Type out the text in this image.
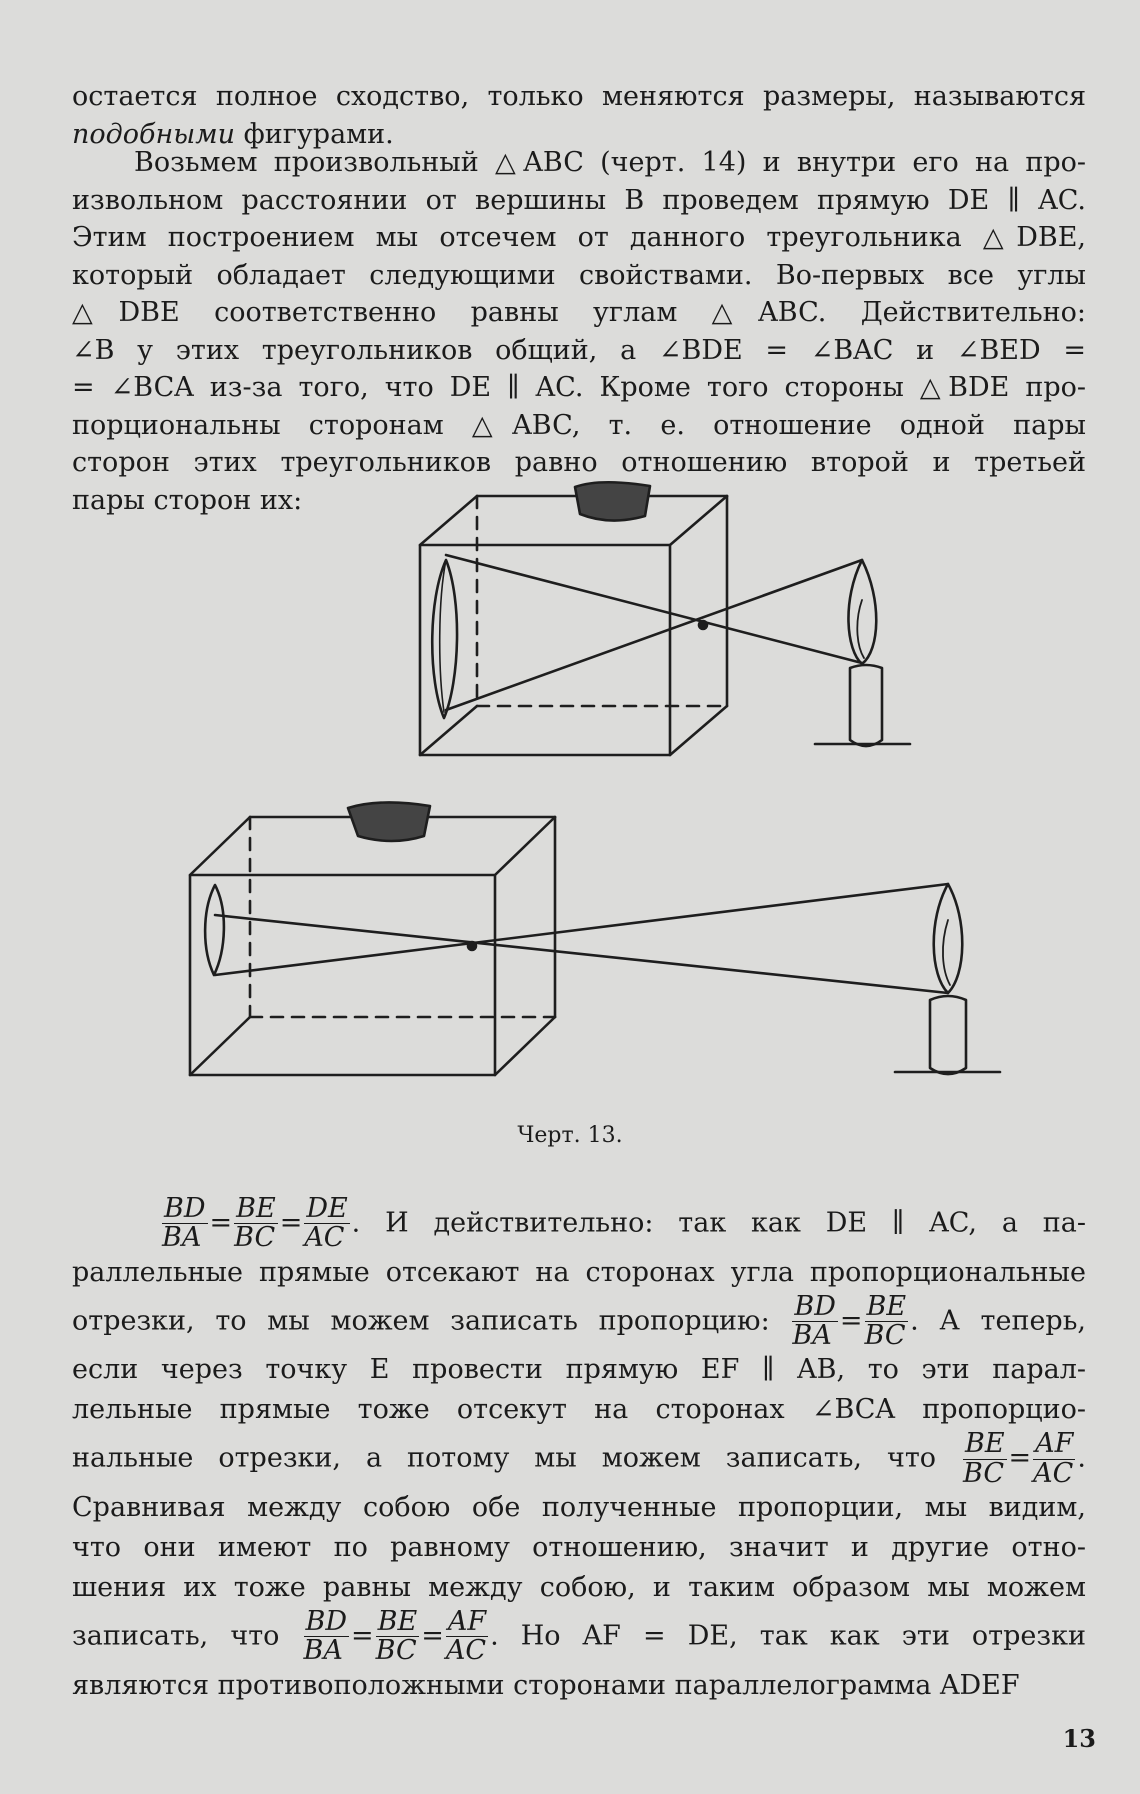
остается полное сходство, только меняются размеры, называются
подобными фигурами.
Возьмем произвольный △ABC (черт. 14) и внутри его на про-
извольном расстоянии от вершины B проведем прямую DE ∥ AC.
Этим построением мы отсечем от данного треугольника △DBE,
который обладает следующими свойствами. Во-первых все углы
△DBE соответственно равны углам △ABC. Действительно:
∠B у этих треугольников общий, а ∠BDE = ∠BAC и ∠BED =
= ∠BCA из-за того, что DE ∥ AC. Кроме того стороны △BDE про-
порциональны сторонам △ABC, т. е. отношение одной пары
сторон этих треугольников равно отношению второй и третьей
пары сторон их:
Черт. 13.
$\frac{BD}{BA} = \frac{BE}{BC} = \frac{DE}{AC}$ . И действительно: так как DE ∥ AC, а па-
раллельные прямые отсекают на сторонах угла пропорциональные
отрезки, то мы можем записать пропорцию: $\frac{BD}{BA} = \frac{BE}{BC}$ . А теперь,
если через точку E провести прямую EF ∥ AB, то эти парал-
лельные прямые тоже отсекут на сторонах ∠BCA пропорцио-
нальные отрезки, а потому мы можем записать, что $\frac{BE}{BC} = \frac{AF}{AC}$ .
Сравнивая между собою обе полученные пропорции, мы видим,
что они имеют по равному отношению, значит и другие отно-
шения их тоже равны между собою, и таким образом мы можем
записать, что $\frac{BD}{BA} = \frac{BE}{BC} = \frac{AF}{AC}$ . Но AF = DE, так как эти отрезки
являются противоположными сторонами параллелограмма ADEF
13
